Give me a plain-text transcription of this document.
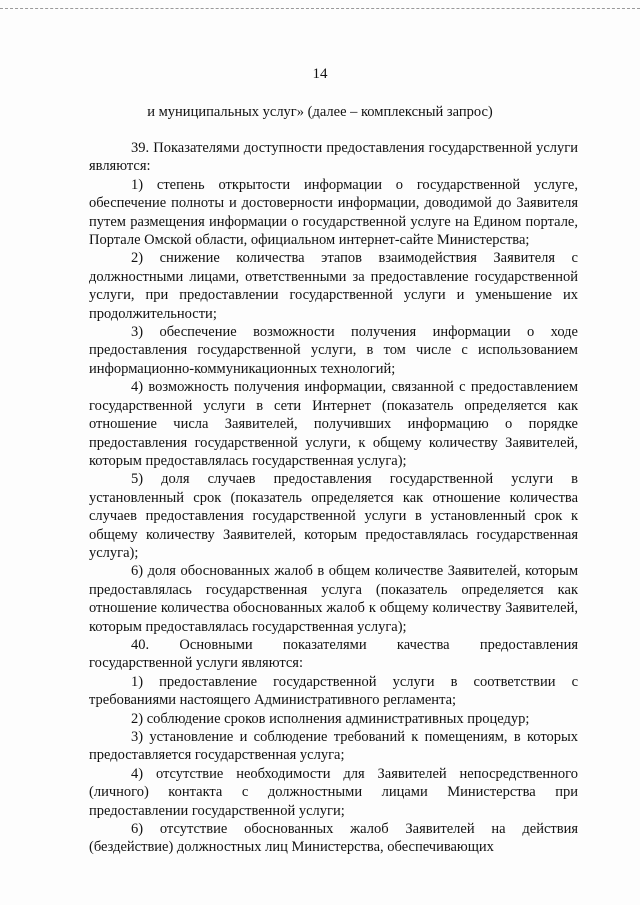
14
и муниципальных услуг» (далее – комплексный запрос)

39. Показателями доступности предоставления государственной услуги являются:

1) степень открытости информации о государственной услуге, обеспечение полноты и достоверности информации, доводимой до Заявителя путем размещения информации о государственной услуге на Едином портале, Портале Омской области, официальном интернет-сайте Министерства;

2) снижение количества этапов взаимодействия Заявителя с должностными лицами, ответственными за предоставление государственной услуги, при предоставлении государственной услуги и уменьшение их продолжительности;

3) обеспечение возможности получения информации о ходе предоставления государственной услуги, в том числе с использованием информационно-коммуникационных технологий;

4) возможность получения информации, связанной с предоставлением государственной услуги в сети Интернет (показатель определяется как отношение числа Заявителей, получивших информацию о порядке предоставления государственной услуги, к общему количеству Заявителей, которым предоставлялась государственная услуга);

5) доля случаев предоставления государственной услуги в установленный срок (показатель определяется как отношение количества случаев предоставления государственной услуги в установленный срок к общему количеству Заявителей, которым предоставлялась государственная услуга);

6) доля обоснованных жалоб в общем количестве Заявителей, которым предоставлялась государственная услуга (показатель определяется как отношение количества обоснованных жалоб к общему количеству Заявителей, которым предоставлялась государственная услуга);

40. Основными показателями качества предоставления государственной услуги являются:

1) предоставление государственной услуги в соответствии с требованиями настоящего Административного регламента;

2) соблюдение сроков исполнения административных процедур;

3) установление и соблюдение требований к помещениям, в которых предоставляется государственная услуга;

4) отсутствие необходимости для Заявителей непосредственного (личного) контакта с должностными лицами Министерства при предоставлении государственной услуги;

6) отсутствие обоснованных жалоб Заявителей на действия (бездействие) должностных лиц Министерства, обеспечивающих
